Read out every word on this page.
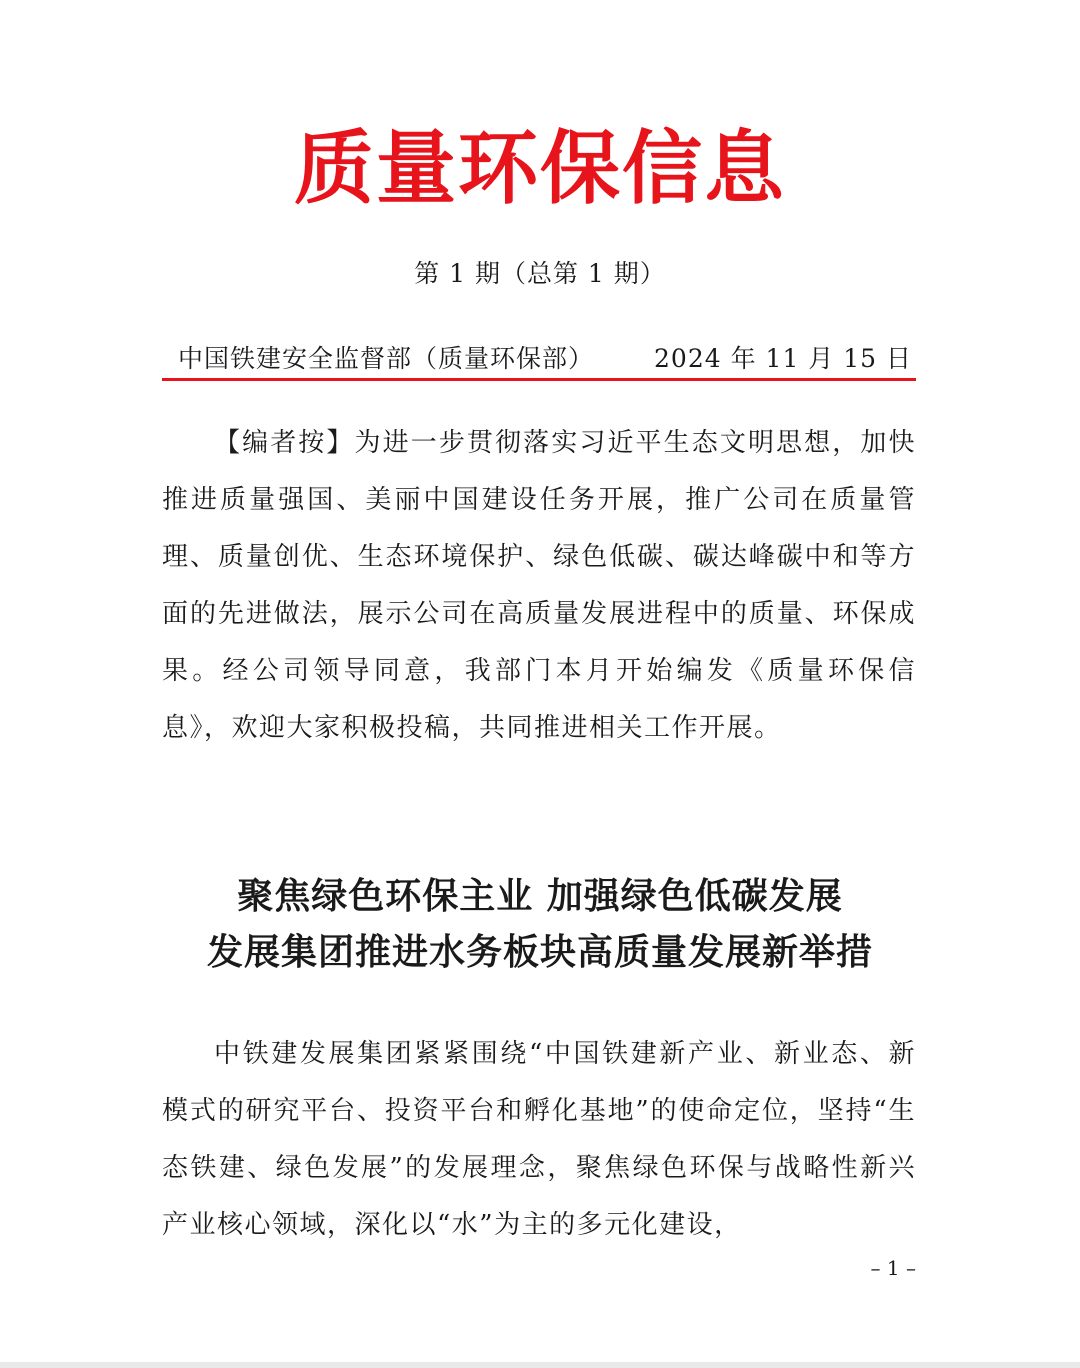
质量环保信息
第 1 期（总第 1 期）
中国铁建安全监督部（质量环保部） 2024 年 11 月 15 日

【编者按】为进一步贯彻落实习近平生态文明思想，加快推进质量强国、美丽中国建设任务开展，推广公司在质量管理、质量创优、生态环境保护、绿色低碳、碳达峰碳中和等方面的先进做法，展示公司在高质量发展进程中的质量、环保成果。经公司领导同意，我部门本月开始编发《质量环保信息》，欢迎大家积极投稿，共同推进相关工作开展。

聚焦绿色环保主业 加强绿色低碳发展
发展集团推进水务板块高质量发展新举措

中铁建发展集团紧紧围绕“中国铁建新产业、新业态、新模式的研究平台、投资平台和孵化基地”的使命定位，坚持“生态铁建、绿色发展”的发展理念，聚焦绿色环保与战略性新兴产业核心领域，深化以“水”为主的多元化建设，

– 1 –
